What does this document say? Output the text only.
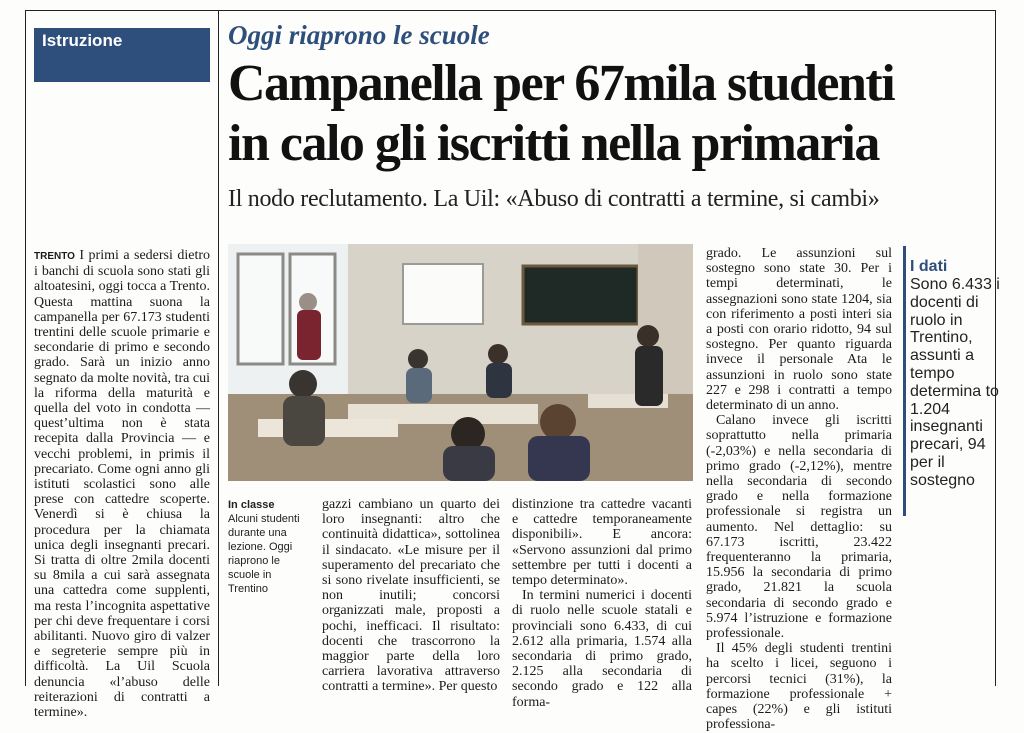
Istruzione	Oggi riaprono le scuole
Campanella per 67mila studenti
in calo gli iscritti nella primaria
Il nodo reclutamento. La Uil: «Abuso di contratti a termine, si cambi»

TRENTO I primi a sedersi dietro i banchi di scuola sono stati gli altoatesini, oggi tocca a Trento. Questa mattina suona la campanella per 67.173 studenti trentini delle scuole primarie e secondarie di primo e secondo grado. Sarà un inizio anno segnato da molte novità, tra cui la riforma della maturità e quella del voto in condotta — quest’ultima non è stata recepita dalla Provincia — e vecchi problemi, in primis il precariato. Come ogni anno gli istituti scolastici sono alle prese con cattedre scoperte. Venerdì si è chiusa la procedura per la chiamata unica degli insegnanti precari. Si tratta di oltre 2mila docenti su 8mila a cui sarà assegnata una cattedra come supplenti, ma resta l’incognita aspettative per chi deve frequentare i corsi abilitanti. Nuovo giro di valzer e segreterie sempre più in difficoltà. La Uil Scuola denuncia «l’abuso delle reiterazioni di contratti a termine».

In classe
Alcuni studenti durante una lezione. Oggi riaprono le scuole in Trentino

gazzi cambiano un quarto dei loro insegnanti: altro che continuità didattica», sottolinea il sindacato. «Le misure per il superamento del precariato che si sono rivelate insufficienti, se non inutili; concorsi organizzati male, proposti a pochi, inefficaci. Il risultato: docenti che trascorrono la maggior parte della loro carriera lavorativa attraverso contratti a termine». Per questo

distinzione tra cattedre vacanti e cattedre temporaneamente disponibili». E ancora: «Servono assunzioni dal primo settembre per tutti i docenti a tempo determinato».

In termini numerici i docenti di ruolo nelle scuole statali e provinciali sono 6.433, di cui 2.612 alla primaria, 1.574 alla secondaria di primo grado, 2.125 alla secondaria di secondo grado e 122 alla forma-

grado. Le assunzioni sul sostegno sono state 30. Per i tempi determinati, le assegnazioni sono state 1204, sia con riferimento a posti interi sia a posti con orario ridotto, 94 sul sostegno. Per quanto riguarda invece il personale Ata le assunzioni in ruolo sono state 227 e 298 i contratti a tempo determinato di un anno.

Calano invece gli iscritti soprattutto nella primaria (-2,03%) e nella secondaria di primo grado (-2,12%), mentre nella secondaria di secondo grado e nella formazione professionale si registra un aumento. Nel dettaglio: su 67.173 iscritti, 23.422 frequenteranno la primaria, 15.956 la secondaria di primo grado, 21.821 la scuola secondaria di secondo grado e 5.974 l’istruzione e formazione professionale.

Il 45% degli studenti trentini ha scelto i licei, seguono i percorsi tecnici (31%), la formazione professionale + capes (22%) e gli istituti professiona-

I dati
Sono 6.433 i docenti di ruolo in Trentino, assunti a tempo determina to 1.204 insegnanti precari, 94 per il sostegno
